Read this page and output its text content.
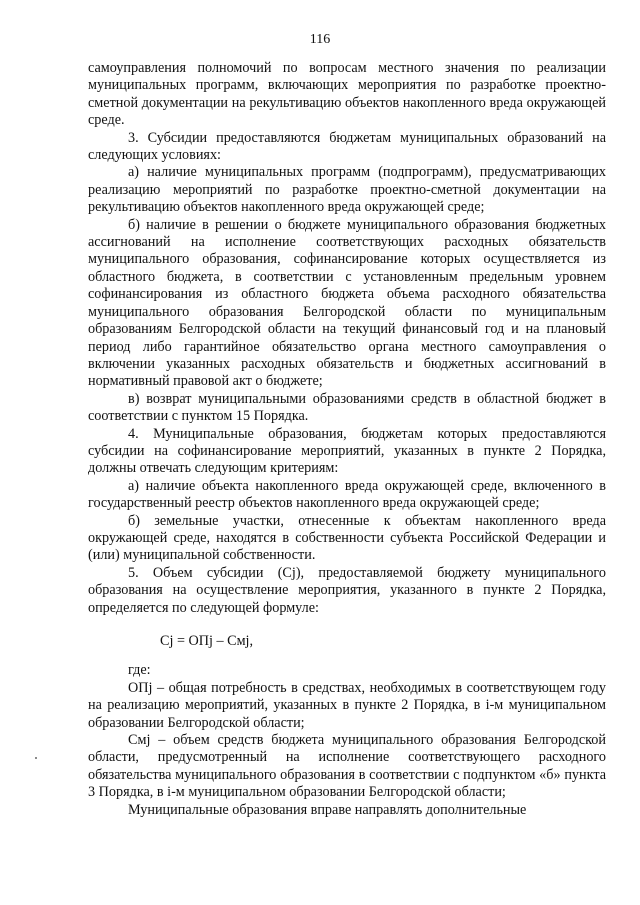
116

самоуправления полномочий по вопросам местного значения по реализации муниципальных программ, включающих мероприятия по разработке проектно-сметной документации на рекультивацию объектов накопленного вреда окружающей среде.

3. Субсидии предоставляются бюджетам муниципальных образований на следующих условиях:

а) наличие муниципальных программ (подпрограмм), предусматривающих реализацию мероприятий по разработке проектно-сметной документации на рекультивацию объектов накопленного вреда окружающей среде;

б) наличие в решении о бюджете муниципального образования бюджетных ассигнований на исполнение соответствующих расходных обязательств муниципального образования, софинансирование которых осуществляется из областного бюджета, в соответствии с установленным предельным уровнем софинансирования из областного бюджета объема расходного обязательства муниципального образования Белгородской области по муниципальным образованиям Белгородской области на текущий финансовый год и на плановый период либо гарантийное обязательство органа местного самоуправления о включении указанных расходных обязательств и бюджетных ассигнований в нормативный правовой акт о бюджете;

в) возврат муниципальными образованиями средств в областной бюджет в соответствии с пунктом 15 Порядка.

4. Муниципальные образования, бюджетам которых предоставляются субсидии на софинансирование мероприятий, указанных в пункте 2 Порядка, должны отвечать следующим критериям:

а) наличие объекта накопленного вреда окружающей среде, включенного в государственный реестр объектов накопленного вреда окружающей среде;

б) земельные участки, отнесенные к объектам накопленного вреда окружающей среде, находятся в собственности субъекта Российской Федерации и (или) муниципальной собственности.

5. Объем субсидии (Cj), предоставляемой бюджету муниципального образования на осуществление мероприятия, указанного в пункте 2 Порядка, определяется по следующей формуле:

Cj = ОПj – Смj,

где:

ОПj – общая потребность в средствах, необходимых в соответствующем году на реализацию мероприятий, указанных в пункте 2 Порядка, в i-м муниципальном образовании Белгородской области;

Смj – объем средств бюджета муниципального образования Белгородской области, предусмотренный на исполнение соответствующего расходного обязательства муниципального образования в соответствии с подпунктом «б» пункта 3 Порядка, в i-м муниципальном образовании Белгородской области;

Муниципальные образования вправе направлять дополнительные
